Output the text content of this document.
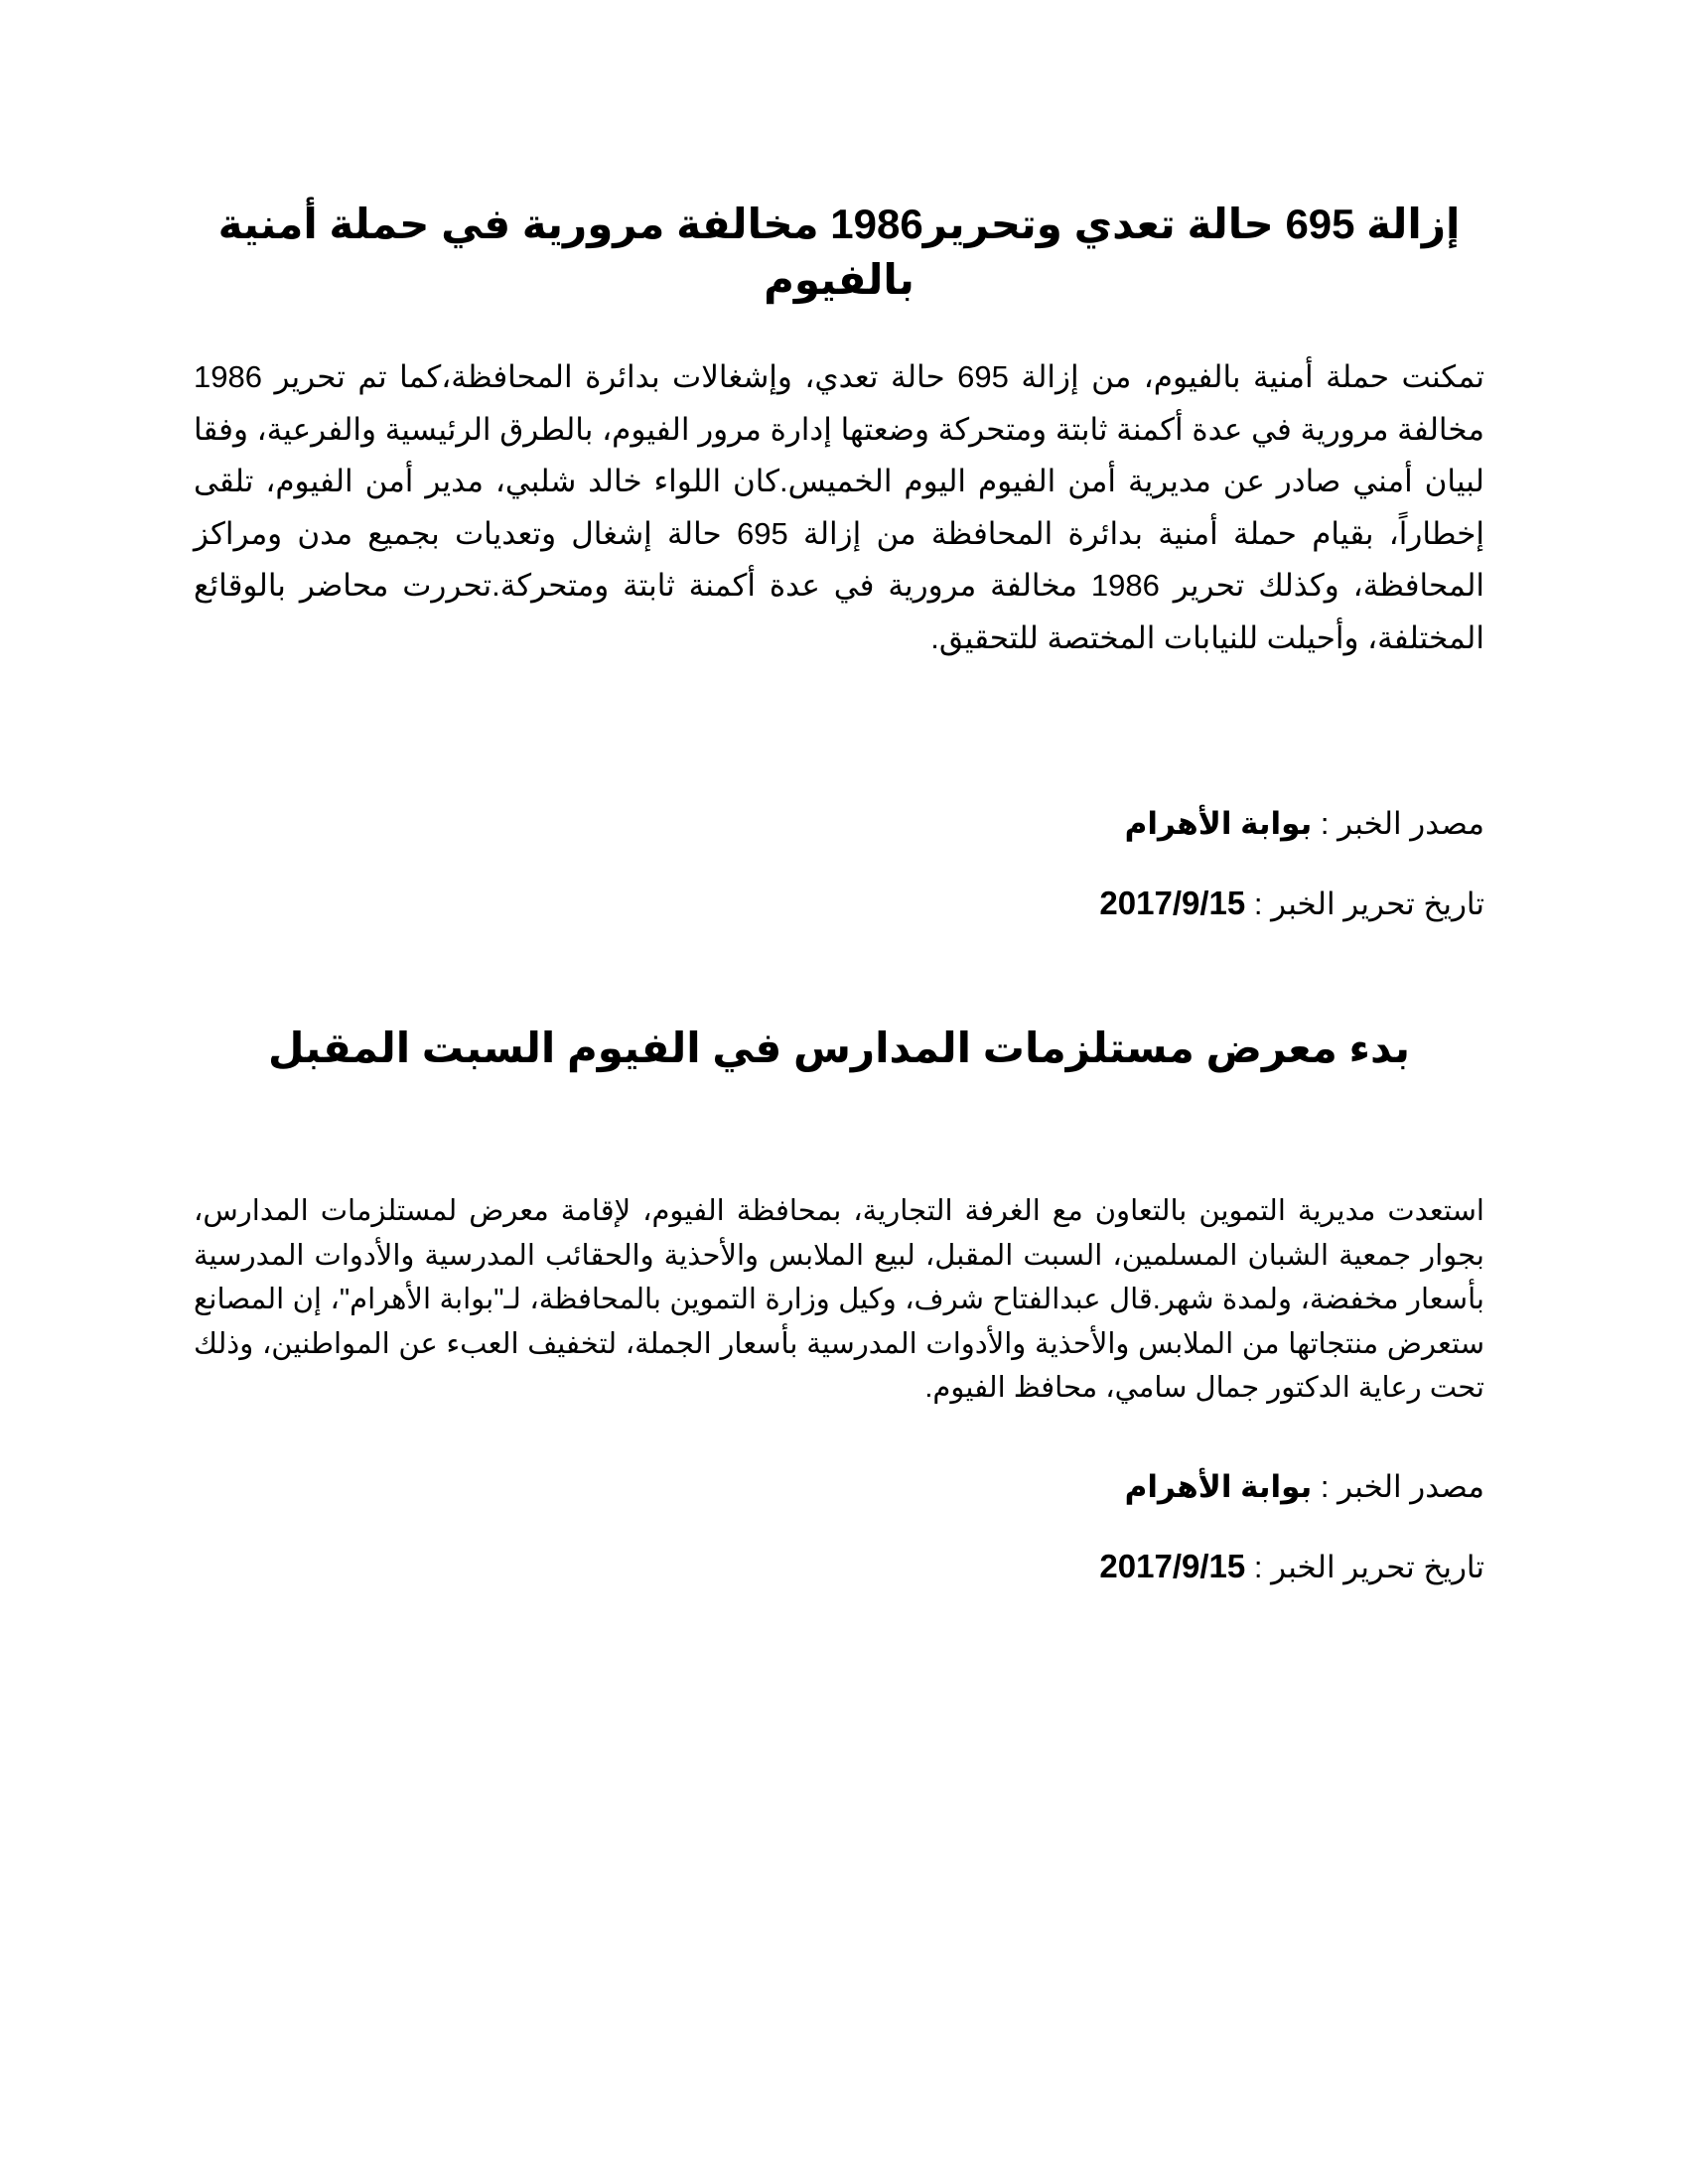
إزالة 695 حالة تعدي وتحرير1986 مخالفة مرورية في حملة أمنية بالفيوم

تمكنت حملة أمنية بالفيوم، من إزالة 695 حالة تعدي، وإشغالات بدائرة المحافظة،كما تم تحرير 1986 مخالفة مرورية في عدة أكمنة ثابتة ومتحركة وضعتها إدارة مرور الفيوم، بالطرق الرئيسية والفرعية، وفقا لبيان أمني صادر عن مديرية أمن الفيوم اليوم الخميس.كان اللواء خالد شلبي، مدير أمن الفيوم، تلقى إخطاراً، بقيام حملة أمنية بدائرة المحافظة من إزالة 695 حالة إشغال وتعديات بجميع مدن ومراكز المحافظة، وكذلك تحرير 1986 مخالفة مرورية في عدة أكمنة ثابتة ومتحركة.تحررت محاضر بالوقائع المختلفة، وأحيلت للنيابات المختصة للتحقيق.

مصدر الخبر : بوابة الأهرام

تاريخ تحرير الخبر : 2017/9/15

بدء معرض مستلزمات المدارس في الفيوم السبت المقبل

استعدت مديرية التموين بالتعاون مع الغرفة التجارية، بمحافظة الفيوم، لإقامة معرض لمستلزمات المدارس، بجوار جمعية الشبان المسلمين، السبت المقبل، لبيع الملابس والأحذية والحقائب المدرسية والأدوات المدرسية بأسعار مخفضة، ولمدة شهر.قال عبدالفتاح شرف، وكيل وزارة التموين بالمحافظة، لـ"بوابة الأهرام"، إن المصانع ستعرض منتجاتها من الملابس والأحذية والأدوات المدرسية بأسعار الجملة، لتخفيف العبء عن المواطنين، وذلك تحت رعاية الدكتور جمال سامي، محافظ الفيوم.

مصدر الخبر : بوابة الأهرام

تاريخ تحرير الخبر : 2017/9/15
